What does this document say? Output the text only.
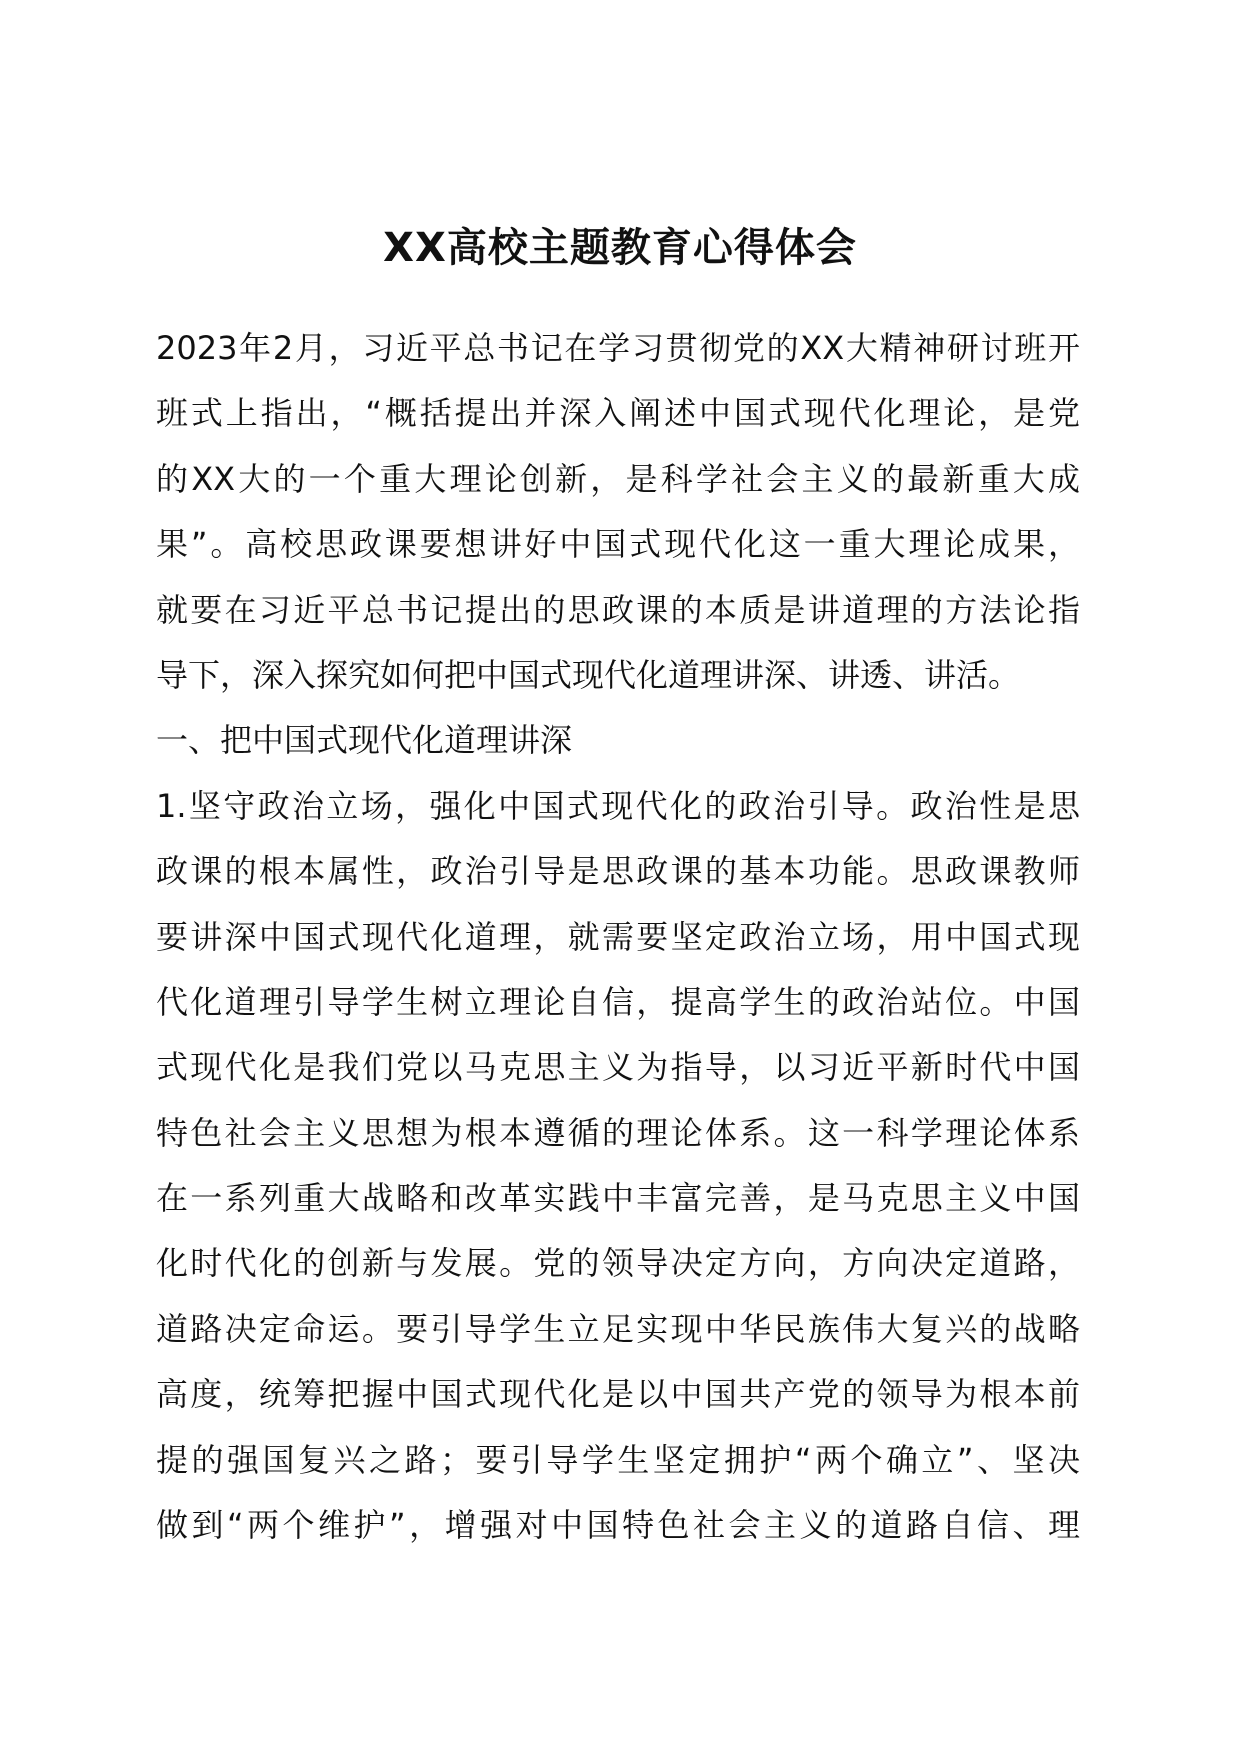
XX高校主题教育心得体会
2023年2月，习近平总书记在学习贯彻党的XX大精神研讨班开
班式上指出，“概括提出并深入阐述中国式现代化理论，是党
的XX大的一个重大理论创新，是科学社会主义的最新重大成
果”。高校思政课要想讲好中国式现代化这一重大理论成果，
就要在习近平总书记提出的思政课的本质是讲道理的方法论指
导下，深入探究如何把中国式现代化道理讲深、讲透、讲活。
一、把中国式现代化道理讲深
1.坚守政治立场，强化中国式现代化的政治引导。政治性是思
政课的根本属性，政治引导是思政课的基本功能。思政课教师
要讲深中国式现代化道理，就需要坚定政治立场，用中国式现
代化道理引导学生树立理论自信，提高学生的政治站位。中国
式现代化是我们党以马克思主义为指导，以习近平新时代中国
特色社会主义思想为根本遵循的理论体系。这一科学理论体系
在一系列重大战略和改革实践中丰富完善，是马克思主义中国
化时代化的创新与发展。党的领导决定方向，方向决定道路，
道路决定命运。要引导学生立足实现中华民族伟大复兴的战略
高度，统筹把握中国式现代化是以中国共产党的领导为根本前
提的强国复兴之路；要引导学生坚定拥护“两个确立”、坚决
做到“两个维护”，增强对中国特色社会主义的道路自信、理
